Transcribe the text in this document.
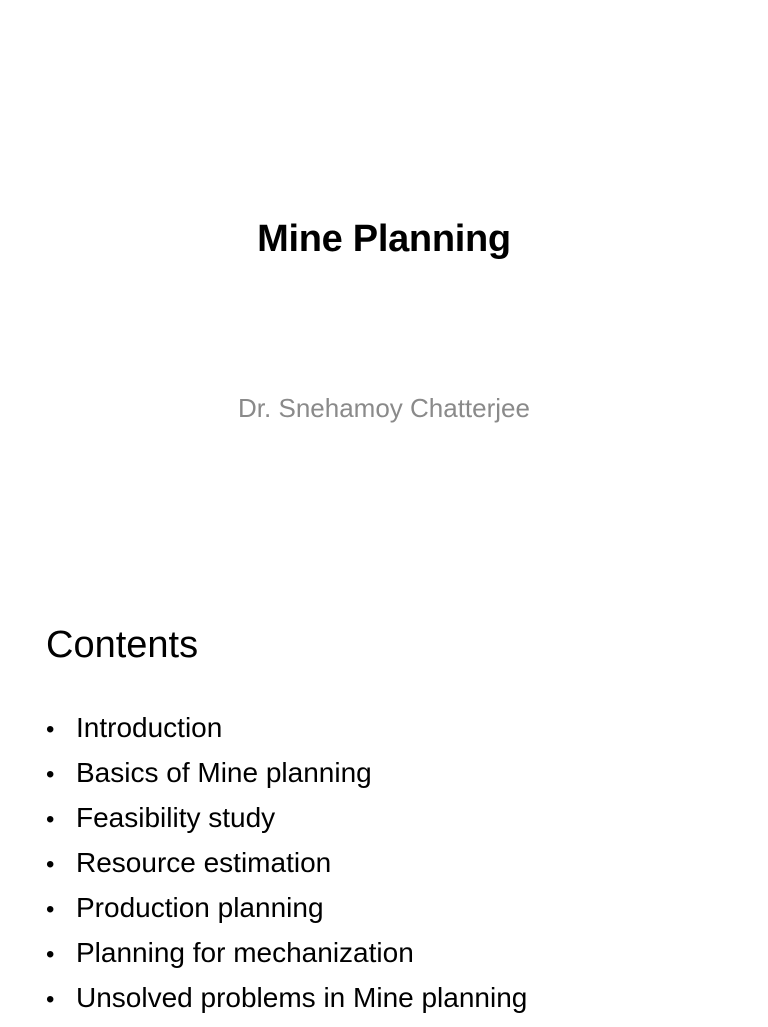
Mine Planning
Dr. Snehamoy Chatterjee
Contents
• Introduction
• Basics of Mine planning
• Feasibility study
• Resource estimation
• Production planning
• Planning for mechanization
• Unsolved problems in Mine planning
